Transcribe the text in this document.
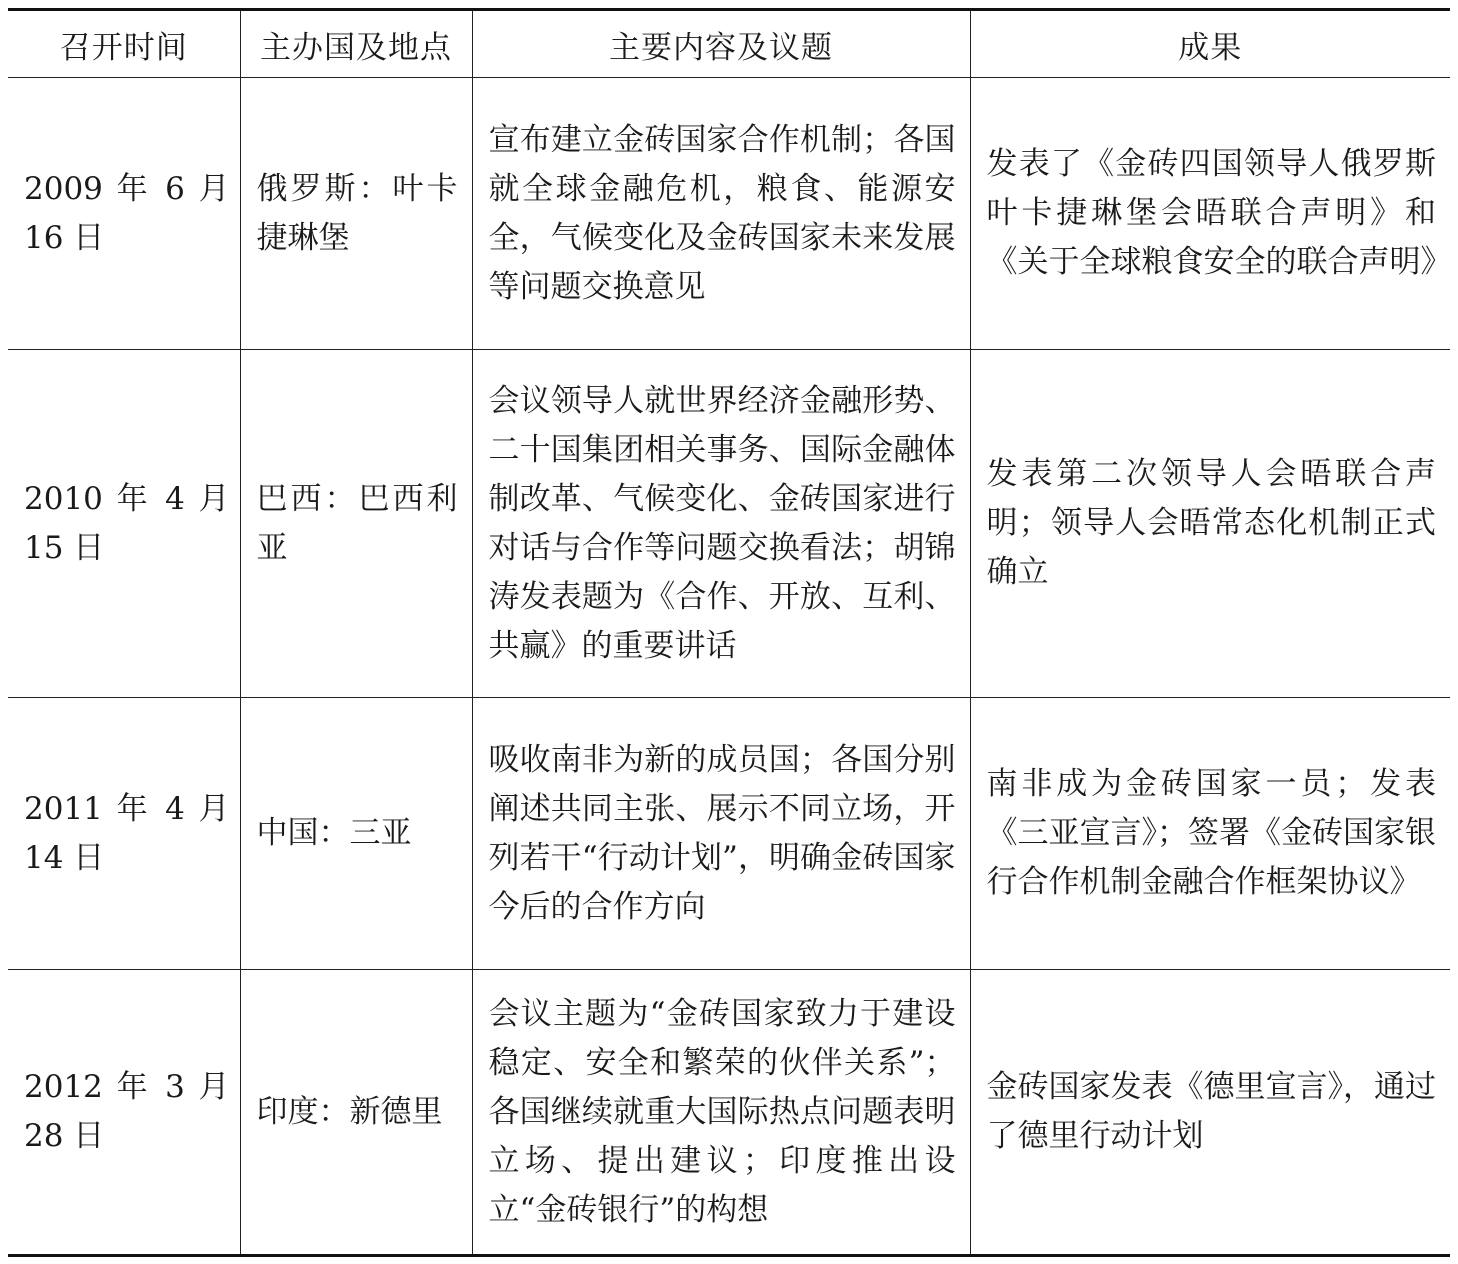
召开时间	主办国及地点	主要内容及议题	成果
2009 年 6 月 16 日	俄罗斯：叶卡捷琳堡	宣布建立金砖国家合作机制；各国就全球金融危机，粮食、能源安全，气候变化及金砖国家未来发展等问题交换意见	发表了《金砖四国领导人俄罗斯叶卡捷琳堡会晤联合声明》和《关于全球粮食安全的联合声明》
2010 年 4 月 15 日	巴西：巴西利亚	会议领导人就世界经济金融形势、二十国集团相关事务、国际金融体制改革、气候变化、金砖国家进行对话与合作等问题交换看法；胡锦涛发表题为《合作、开放、互利、共赢》的重要讲话	发表第二次领导人会晤联合声明；领导人会晤常态化机制正式确立
2011 年 4 月 14 日	中国：三亚	吸收南非为新的成员国；各国分别阐述共同主张、展示不同立场，开列若干“行动计划”，明确金砖国家今后的合作方向	南非成为金砖国家一员；发表《三亚宣言》；签署《金砖国家银行合作机制金融合作框架协议》
2012 年 3 月 28 日	印度：新德里	会议主题为“金砖国家致力于建设稳定、安全和繁荣的伙伴关系”；各国继续就重大国际热点问题表明立场、提出建议；印度推出设立“金砖银行”的构想	金砖国家发表《德里宣言》，通过了德里行动计划
